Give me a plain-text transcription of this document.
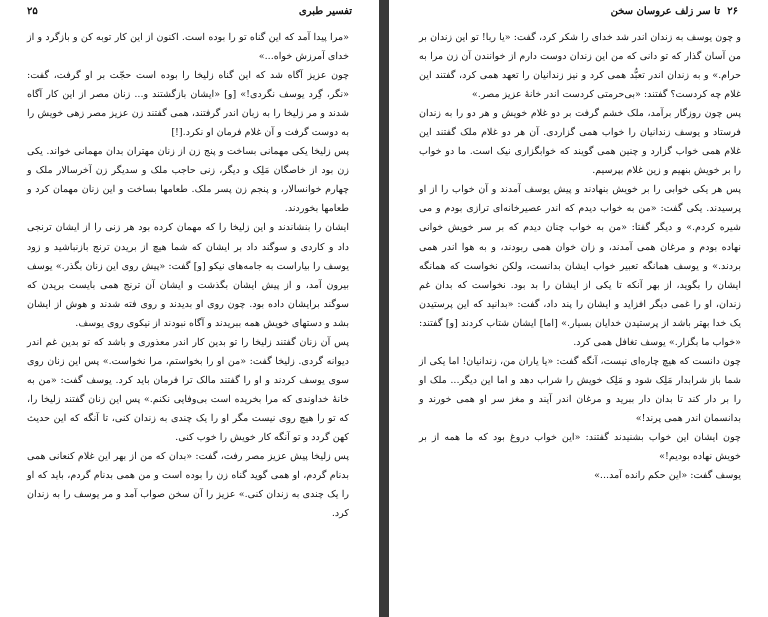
تفسیر طبری
۲۵

«مرا پیدا آمد که این گناه تو را بوده است. اکنون از این کار توبه کن و بازگرد و از خدای آمرزش خواه...»

چون عزیز آگاه شد که این گناه زلیخا را بوده است حجّت بر او گرفت، گفت: «نگر، گِرد یوسف نگردی!» [و] «ایشان بازگشتند و... زنان مصر از این کار آگاه شدند و مر زلیخا را به زبان اندر گرفتند، همی گفتند زن عزیز مصر زهی خویش را به دوست گرفت و آن غلام فرمان او نکرد.[!]

پس زلیخا یکی مهمانی بساخت و پنج زن از زنان مهتران بدان مهمانی خواند. یکی زن بود از خاصگان مَلِک و دیگر، زنی حاجب ملک و سدیگر زن آخرسالار ملک و چهارم خوانسالار، و پنجم زن پسر ملک. طعامها بساخت و این زنان مهمان کرد و طعامها بخوردند.

ایشان را بنشاندند و این زلیخا را که مهمان کرده بود هر زنی را از ایشان ترنجی داد و کاردی و سوگند داد بر ایشان که شما هیچ از بریدن ترنج بازنباشید و زود یوسف را بیاراست به جامه‌های نیکو [و] گفت: «پیش روی این زنان بگذر.» یوسف بیرون آمد، و از پیش ایشان بگذشت و ایشان آن ترنج همی بایست بریدن که سوگند برایشان داده بود. چون روی او بدیدند و روی فته شدند و هوش از ایشان بشد و دستهای خویش همه ببریدند و آگاه نبودند از نیکوی روی یوسف.

پس آن زنان گفتند زلیخا را تو بدین کار اندر معذوری و باشد که تو بدین غم اندر دیوانه گردی. زلیخا گفت: «من او را بخواستم، مرا نخواست.» پس این زنان روی سوی یوسف کردند و او را گفتند مالک ترا فرمان باید کرد. یوسف گفت: «من به خانهٔ خداوندی که مرا بخریده است بی‌وفایی نکنم.» پس این زنان گفتند زلیخا را، که تو را هیچ روی نیست مگر او را یک چندی به زندان کنی، تا آنگه که این حدیث کهن گردد و تو آنگه کار خویش را خوب کنی.

پس زلیخا پیش عزیز مصر رفت، گفت: «بدان که من از بهر این غلام کنعانی همی بدنام گردم، او همی گوید گناه زن را بوده است و من همی بدنام گردم، باید که او را یک چندی به زندان کنی.» عزیز را آن سخن صواب آمد و مر یوسف را به زندان کرد.

۲۶
تا سر زلف عروسان سخن

و چون یوسف به زندان اندر شد خدای را شکر کرد، گفت: «یا ربا! تو این زندان بر من آسان گذار که تو دانی که من این زندان دوست دارم از خوانندن آن زن مرا به حرام.» و به زندان اندر تعبُّد همی کرد و نیز زندانیان را تعهد همی کرد، گفتند این غلام چه کردست؟ گفتند: «بی‌حرمتی کردست اندر خانهٔ عزیز مصر.»

پس چون روزگار برآمد، ملک خشم گرفت بر دو غلام خویش و هر دو را به زندان فرستاد و یوسف زندانیان را خواب همی گزاردی. آن هر دو غلام ملک گفتند این غلام همی خواب گزارد و چنین همی گویند که خوابگزاری نیک است. ما دو خواب را بر خویش بنهیم و زین غلام بپرسیم.

پس هر یکی خوابی را بر خویش بنهادند و پیش یوسف آمدند و آن خواب را از او پرسیدند. یکی گفت: «من به خواب دیدم که اندر عصیرخانه‌ای ترازی بودم و می شیره کردم.» و دیگر گفتا: «من به خواب چنان دیدم که بر سر خویش خوانی نهاده بودم و مرغان همی آمدند، و زان خوان همی ربودند، و به هوا اندر همی بردند.» و یوسف همانگه تعبیر خواب ایشان بدانست، ولکن نخواست که همانگه ایشان را بگوید، از بهر آنکه تا یکی از ایشان را بد بود. نخواست که بدان غم زندان، او را غمی دیگر افزاید و ایشان را پند داد، گفت: «بدانید که این پرستیدن یک خدا بهتر باشد از پرستیدن خدایان بسیار.» [اما] ایشان شتاب کردند [و] گفتند: «خواب ما بگزار.» یوسف تغافل همی کرد.

چون دانست که هیچ چاره‌ای نیست، آنگه گفت: «یا یاران من، زندانیان! اما یکی از شما باز شرابدار مَلِک شود و مَلِک خویش را شراب دهد و اما این دیگر... ملک او را بر دار کند تا بدان دار ببرید و مرغان اندر آیند و مغز سر او همی خورند و بدانسمان اندر همی پرند!»

چون ایشان این خواب بشنیدند گفتند: «این خواب دروغ بود که ما همه از بر خویش نهاده بودیم!»

یوسف گفت: «این حکم رانده آمد...»
